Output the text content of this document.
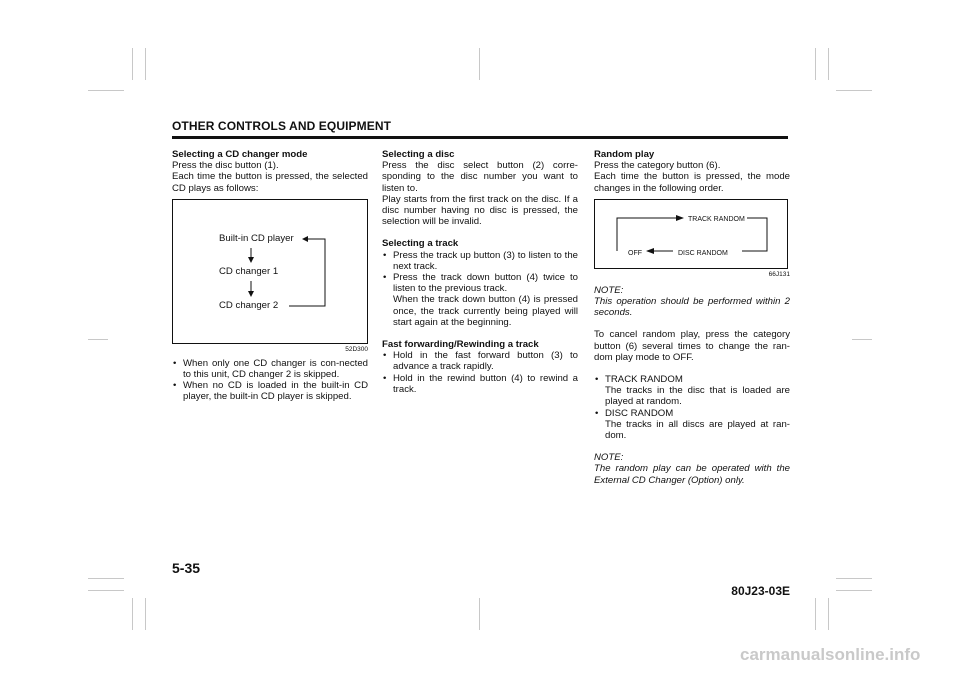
OTHER CONTROLS AND EQUIPMENT

Selecting a CD changer mode

Press the disc button (1).

Each time the button is pressed, the selected CD plays as follows:

Built-in CD player
CD changer 1
CD changer 2
52D300
• When only one CD changer is con-nected to this unit, CD changer 2 is skipped.
• When no CD is loaded in the built-in CD player, the built-in CD player is skipped.

Selecting a disc

Press the disc select button (2) corre-sponding to the disc number you want to listen to.

Play starts from the first track on the disc. If a disc number having no disc is pressed, the selection will be invalid.

Selecting a track

• Press the track up button (3) to listen to the next track.
• Press the track down button (4) twice to listen to the previous track.
When the track down button (4) is pressed once, the track currently being played will start again at the beginning.

Fast forwarding/Rewinding a track

• Hold in the fast forward button (3) to advance a track rapidly.
• Hold in the rewind button (4) to rewind a track.

Random play

Press the category button (6).

Each time the button is pressed, the mode changes in the following order.

TRACK RANDOM
OFF	DISC RANDOM
66J131

NOTE:

This operation should be performed within 2 seconds.

To cancel random play, press the category button (6) several times to change the ran-dom play mode to OFF.

• TRACK RANDOM
The tracks in the disc that is loaded are played at random.
• DISC RANDOM
The tracks in all discs are played at ran-dom.

NOTE:

The random play can be operated with the External CD Changer (Option) only.

5-35
80J23-03E
carmanualsonline.info
